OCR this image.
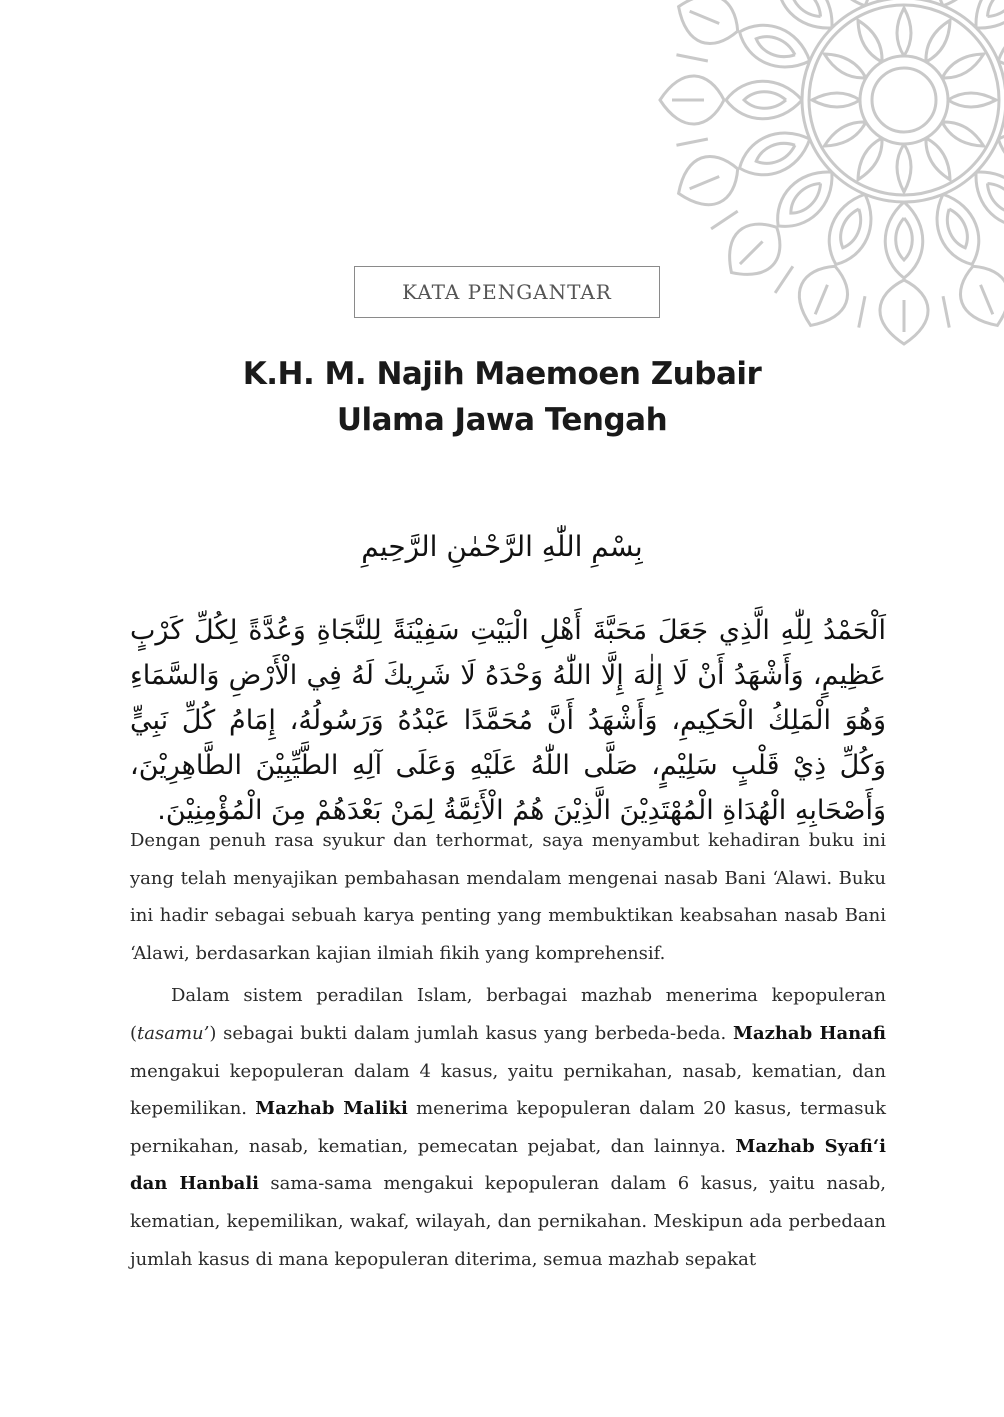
KATA PENGANTAR
K.H. M. Najih Maemoen Zubair
Ulama Jawa Tengah
بِسْمِ اللّٰهِ الرَّحْمٰنِ الرَّحِيمِ
اَلْحَمْدُ لِلّٰهِ الَّذِي جَعَلَ مَحَبَّةَ أَهْلِ الْبَيْتِ سَفِيْنَةً لِلنَّجَاةِ وَعُدَّةً لِكُلِّ كَرْبٍ عَظِيمٍ، وَأَشْهَدُ أَنْ لَا إِلٰهَ إِلَّا اللّٰهُ وَحْدَهُ لَا شَرِيكَ لَهُ فِي الْأَرْضِ وَالسَّمَاءِ وَهُوَ الْمَلِكُ الْحَكِيمِ، وَأَشْهَدُ أَنَّ مُحَمَّدًا عَبْدُهُ وَرَسُولُهُ، إِمَامُ كُلِّ نَبِيٍّ وَكُلِّ ذِيْ قَلْبٍ سَلِيْمٍ، صَلَّى اللّٰهُ عَلَيْهِ وَعَلَى آلِهِ الطَّيِّبِيْنَ الطَّاهِرِيْنَ، وَأَصْحَابِهِ الْهُدَاةِ الْمُهْتَدِيْنَ الَّذِيْنَ هُمُ الْأَئِمَّةُ لِمَنْ بَعْدَهُمْ مِنَ الْمُؤْمِنِيْنَ.

Dengan penuh rasa syukur dan terhormat, saya menyambut kehadiran buku ini yang telah menyajikan pembahasan mendalam mengenai nasab Bani ‘Alawi. Buku ini hadir sebagai sebuah karya penting yang membuktikan keabsahan nasab Bani ‘Alawi, berdasarkan kajian ilmiah fikih yang komprehensif.

Dalam sistem peradilan Islam, berbagai mazhab menerima kepopuleran (tasamu’) sebagai bukti dalam jumlah kasus yang berbeda-beda. Mazhab Hanafi mengakui kepopuleran dalam 4 kasus, yaitu pernikahan, nasab, kematian, dan kepemilikan. Mazhab Maliki menerima kepopuleran dalam 20 kasus, termasuk pernikahan, nasab, kematian, pemecatan pejabat, dan lainnya. Mazhab Syafi‘i dan Hanbali sama-sama mengakui kepopuleran dalam 6 kasus, yaitu nasab, kematian, kepemilikan, wakaf, wilayah, dan pernikahan. Meskipun ada perbedaan jumlah kasus di mana kepopuleran diterima, semua mazhab sepakat
